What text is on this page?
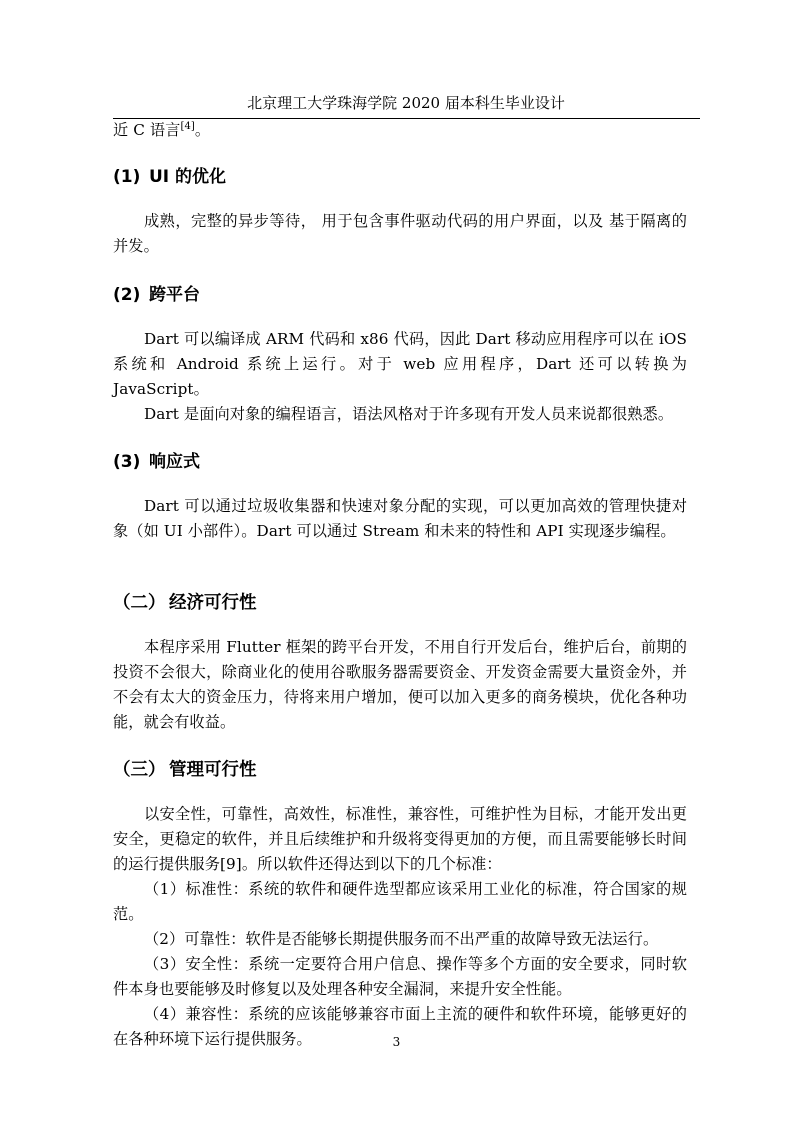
北京理工大学珠海学院 2020 届本科生毕业设计

近 C 语言[4]。

(1) UI 的优化

成熟，完整的异步等待， 用于包含事件驱动代码的用户界面，以及 基于隔离的并发。

(2) 跨平台

Dart 可以编译成 ARM 代码和 x86 代码，因此 Dart 移动应用程序可以在 iOS 系统和 Android 系统上运行。对于 web 应用程序，Dart 还可以转换为 JavaScript。

Dart 是面向对象的编程语言，语法风格对于许多现有开发人员来说都很熟悉。

(3) 响应式

Dart 可以通过垃圾收集器和快速对象分配的实现，可以更加高效的管理快捷对象（如 UI 小部件）。Dart 可以通过 Stream 和未来的特性和 API 实现逐步编程。

（二） 经济可行性

本程序采用 Flutter 框架的跨平台开发，不用自行开发后台，维护后台，前期的投资不会很大，除商业化的使用谷歌服务器需要资金、开发资金需要大量资金外，并不会有太大的资金压力，待将来用户增加，便可以加入更多的商务模块，优化各种功能，就会有收益。

（三） 管理可行性

以安全性，可靠性，高效性，标准性，兼容性，可维护性为目标，才能开发出更安全，更稳定的软件，并且后续维护和升级将变得更加的方便，而且需要能够长时间的运行提供服务[9]。所以软件还得达到以下的几个标准：

（1）标准性：系统的软件和硬件选型都应该采用工业化的标准，符合国家的规范。

（2）可靠性：软件是否能够长期提供服务而不出严重的故障导致无法运行。

（3）安全性：系统一定要符合用户信息、操作等多个方面的安全要求，同时软件本身也要能够及时修复以及处理各种安全漏洞，来提升安全性能。

（4）兼容性：系统的应该能够兼容市面上主流的硬件和软件环境，能够更好的在各种环境下运行提供服务。	3
